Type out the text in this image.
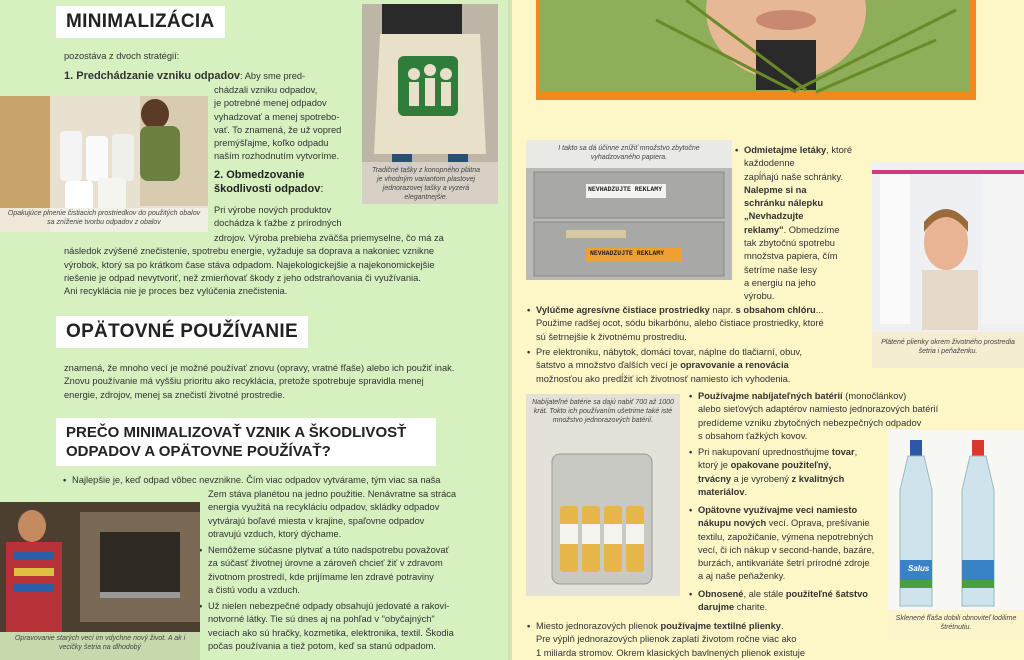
MINIMALIZÁCIA
pozostáva z dvoch stratégií:
1. Predchádzanie vzniku odpadov: Aby sme pred-
chádzali vzniku odpadov,
je potrebné menej odpadov
vyhadzovať a menej spotrebo-
vať. To znamená, že už vopred
premýšľajme, koľko odpadu
naším rozhodnutím vytvoríme.
2. Obmedzovanie
škodlivosti odpadov:
Pri výrobe nových produktov
dochádza k ťažbe z prírodných
zdrojov. Výroba prebieha zväčša priemyselne, čo má za
následok zvýšené znečistenie, spotrebu energie, vyžaduje sa doprava a nakoniec vznikne
výrobok, ktorý sa po krátkom čase stáva odpadom. Najekologickejšie a najekonomickejšie
riešenie je odpad nevytvoriť, než zmierňovať škody z jeho odstraňovania či využívania.
Ani recyklácia nie je proces bez vylúčenia znečistenia.
Opakujúce plnenie čistiacich prostriedkov do použitých obalov sa zníženie tvorbu odpadov z obalov
Tradičné tašky z konopného plátna je vhodným variantom plastovej jednorazovej tašky a vyzerá elegantnejšie.
OPÄTOVNÉ POUŽÍVANIE
znamená, že mnoho vecí je možné používať znovu (opravy, vratné fľaše) alebo ich použiť inak.
Znovu používanie má vyššiu prioritu ako recyklácia, pretože spotrebuje spravidla menej
energie, zdrojov, menej sa znečistí životné prostredie.
PREČO MINIMALIZOVAŤ VZNIK A ŠKODLIVOSŤ
ODPADOV A OPÄTOVNE POUŽÍVAŤ?
• Najlepšie je, keď odpad vôbec nevznikne. Čím viac odpadov vytvárame, tým viac sa naša
Zem stáva planétou na jedno použitie. Nenávratne sa stráca
energia využitá na recykláciu odpadov, skládky odpadov
vytvárajú boľavé miesta v krajine, spaľovne odpadov
otravujú vzduch, ktorý dýchame.
• Nemôžeme súčasne plytvať a túto nadspotrebu považovať
za súčasť životnej úrovne a zároveň chcieť žiť v zdravom
životnom prostredí, kde prijímame len zdravé potraviny
a čistú vodu a vzduch.
• Už nielen nebezpečné odpady obsahujú jedovaté a rakovi-
notvorné látky. Tie sú dnes aj na pohľad v "obyčajných"
veciach ako sú hračky, kozmetika, elektronika, textil. Škodia
počas používania a tiež potom, keď sa stanú odpadom.
Opravovanie starých vecí im vdychne nový život. A ak i vecičky šetria na dlhodobý
I takto sa dá účinne znížiť množstvo zbytočne vyhadzovaného papiera.
NEVHADZUJTE REKLAMY
NEVHADZUJTE REKLAMY
• Odmietajme letáky, ktoré každodenne
zapĺňajú naše schránky.
Nalepme si na
schránku nálepku
„Nevhadzujte
reklamy". Obmedzíme
tak zbytočnú spotrebu
množstva papiera, čím
šetríme naše lesy
a energiu na jeho
výrobu.
Plátené plienky okrem životného prostredia šetria i peňaženku.
• Vylúčme agresívne čistiace prostriedky napr. s obsahom chlóru...
Použime radšej ocot, sódu bikarbónu, alebo čistiace prostriedky, ktoré
sú šetrnejšie k životnému prostrediu.
• Pre elektroniku, nábytok, domáci tovar, náplne do tlačiarní, obuv,
šatstvo a množstvo ďalších vecí je opravovanie a renovácia
možnosťou ako predĺžiť ich životnosť namiesto ich vyhodenia.
Nabíjateľné batérie sa dajú nabiť 700 až 1000 krát. Tokto ich používaním ušetrime také isté množstvo jednorazových batérií.
• Používajme nabíjateľných batérií (monočlánkov)
alebo sieťových adaptérov namiesto jednorazových batérií
predídeme vzniku zbytočných nebezpečných odpadov
s obsahom ťažkých kovov.
• Pri nakupovaní uprednostňujme tovar,
ktorý je opakovane použiteľný,
trvácny a je vyrobený z kvalitných
materiálov.
• Opätovne využívajme veci namiesto
nákupu nových vecí. Oprava, prešívanie
textilu, zapožičanie, výmena nepotrebných
vecí, či ich nákup v second-hande, bazáre,
burzách, antikvariáte šetrí prírodné zdroje
a aj naše peňaženky.
• Obnosené, ale stále použiteľné šatstvo
darujme charite.
Salus
Sklenené fľaša dobili obnoviteľ lodilime štrétnutiu.
• Miesto jednorazových plienok používajme textilné plienky.
Pre výplň jednorazových plienok zaplatí životom ročne viac ako
1 miliarda stromov. Okrem klasických bavlnených plienok existuje
